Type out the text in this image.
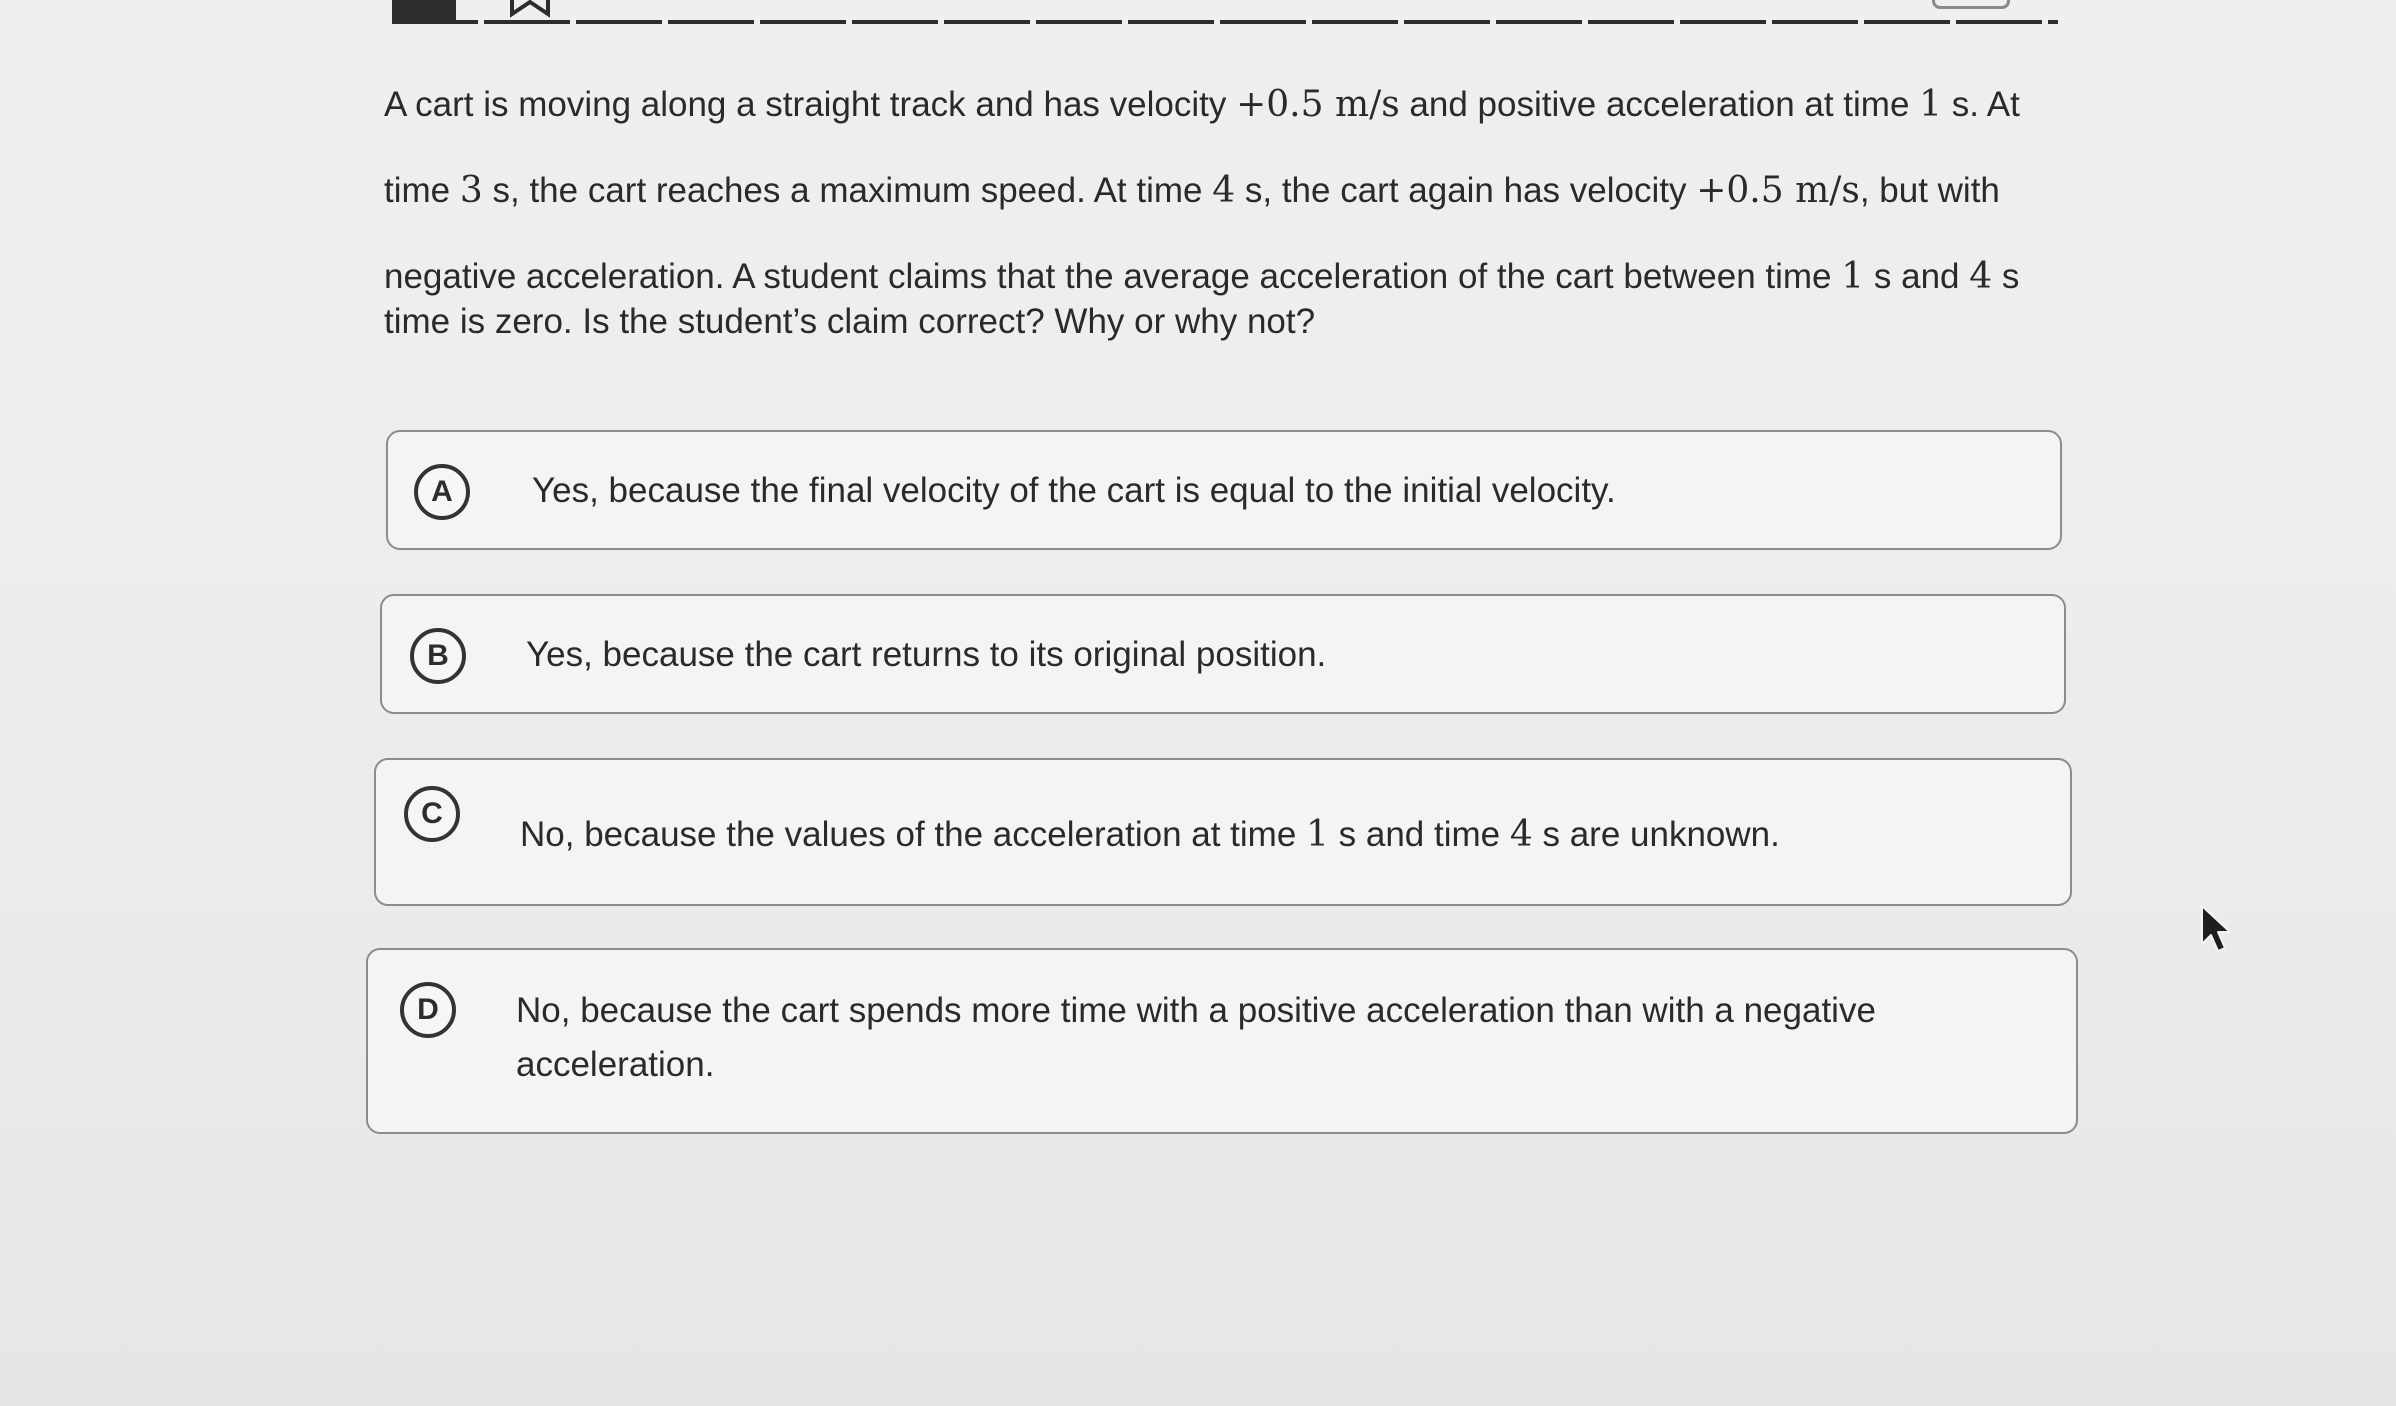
A cart is moving along a straight track and has velocity +0.5 m/s and positive acceleration at time 1 s. At
time 3 s, the cart reaches a maximum speed. At time 4 s, the cart again has velocity +0.5 m/s, but with
negative acceleration. A student claims that the average acceleration of the cart between time 1 s and 4 s
time is zero. Is the student’s claim correct? Why or why not?
A	Yes, because the final velocity of the cart is equal to the initial velocity.
B	Yes, because the cart returns to its original position.
C
No, because the values of the acceleration at time 1 s and time 4 s are unknown.
D	No, because the cart spends more time with a positive acceleration than with a negative
acceleration.
